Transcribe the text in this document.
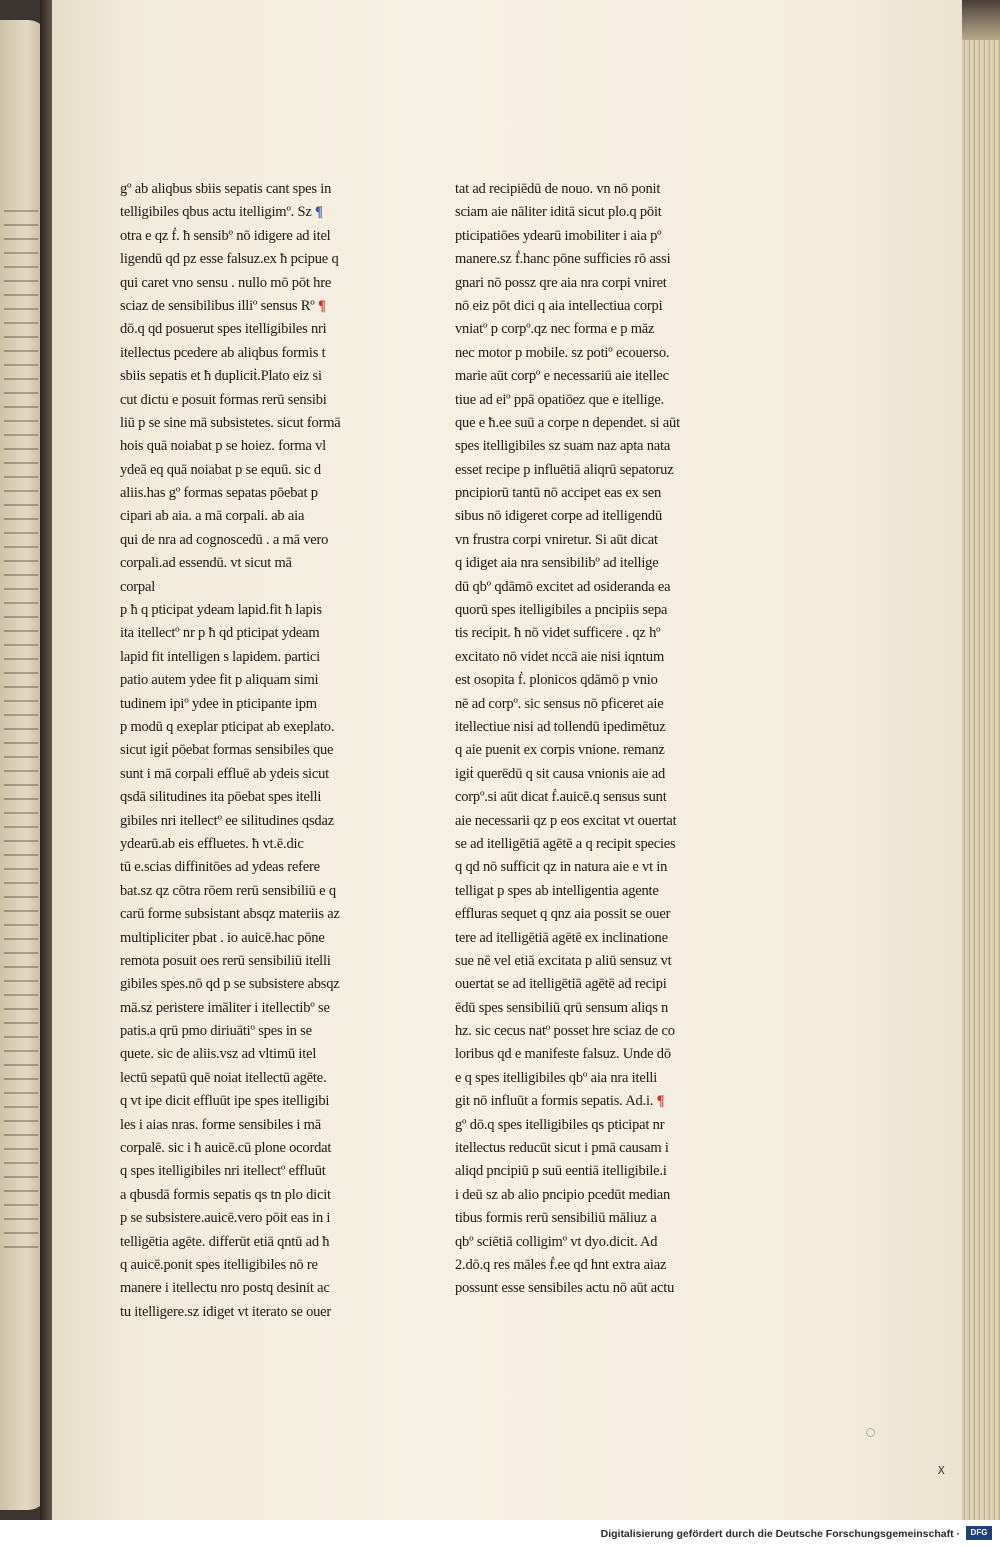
gº ab aliqbus sbiis sepatis cant spes in
telligibiles qbus actu itelligimº. Sz ¶
otra e qz ḟ. ħ sensibº nō idigere ad itel
ligendū qd pz esse falsuz.ex ħ pcipue q
qui caret vno sensu . nullo mō pōt hre
sciaz de sensibilibus illiº sensus Rº ¶
dō.q qd posuerut spes itelligibiles nri
itellectus pcedere ab aliqbus formis t
sbiis sepatis et ħ dupliciṫ.Plato eiz si
cut dictu e posuit formas rerū sensibi
liū p se sine mā subsistetes. sicut formā
hois quā noiabat p se hoiez. forma vl
ydeā eq quā noiabat p se equū. sic d
aliis.has gº formas sepatas pōebat p
cipari ab aia. a mā corpali. ab aia
qui de nra ad cognoscedū . a mā vero
corpali.ad essendū. vt sicut mā
corpal
p ħ q pticipat ydeam lapid.fit ħ lapis
ita itellectº nr p ħ qd pticipat ydeam
lapid fit intelligen s lapidem. partici
patio autem ydee fit p aliquam simi
tudinem ipiº ydee in pticipante ipm
p modū q exeplar pticipat ab exeplato.
sicut igiṫ pōebat formas sensibiles que
sunt i mā corpali effluē ab ydeis sicut
qsdā silitudines ita pōebat spes itelli
gibiles nri itellectº ee silitudines qsdaz
ydearū.ab eis effluetes. ħ vt.ē.dic
tū e.scias diffinitōes ad ydeas refere
bat.sz qz cōtra rōem rerū sensibiliū e q
carū forme subsistant absqz materiis az
multipliciter pbat . io auicē.hac pōne
remota posuit oes rerū sensibiliū itelli
gibiles spes.nō qd p se subsistere absqz
mā.sz peristere imāliter i itellectibº se
patis.a qrū pmo diriuātiº spes in se
quete. sic de aliis.vsz ad vltimū itel
lectū sepatū quē noiat itellectū agēte.
q vt ipe dicit effluūt ipe spes itelligibi
les i aias nras. forme sensibiles i mā
corpalē. sic i ħ auicē.cū plone ocordat
q spes itelligibiles nri itellectº effluūt
a qbusdā formis sepatis qs tn plo dicit
p se subsistere.auicē.vero pōit eas in i
telligētia agēte. differūt etiā qntū ad ħ
q auicē.ponit spes itelligibiles nō re
manere i itellectu nro postq desinit ac
tu itelligere.sz idiget vt iterato se ouer
tat ad recipiēdū de nouo. vn nō ponit
sciam aie nāliter iditā sicut plo.q pōit
pticipatiōes ydearū imobiliter i aia pº
manere.sz ḟ.hanc pōne sufficies rō assi
gnari nō possz qre aia nra corpi vniret
nō eiz pōt dici q aia intellectiua corpi
vniatº p corpº.qz nec forma e p māz
nec motor p mobile. sz potiº ecouerso.
marie aūt corpº e necessariū aie itellec
tiue ad eiº ppā opatiōez que e itellige.
que e ħ.ee suū a corpe n dependet. si aūt
spes itelligibiles sz suam naz apta nata
esset recipe p influētiā aliqrū sepatoruz
pncipiorū tantū nō accipet eas ex sen
sibus nō idigeret corpe ad itelligendū
vn frustra corpi vniretur. Si aūt dicat
q idiget aia nra sensibilibº ad itellige
dū qbº qdāmō excitet ad osideranda ea
quorū spes itelligibiles a pncipiis sepa
tis recipit. ħ nō videt sufficere . qz hº
excitato nō videt nccā aie nisi iqntum
est osopita ḟ. plonicos qdāmō p vnio
nē ad corpº. sic sensus nō pficeret aie
itellectiue nisi ad tollendū ipedimētuz
q aie puenit ex corpis vnione. remanz
igiṫ querēdū q sit causa vnionis aie ad
corpº.si aūt dicat ḟ.auicē.q sensus sunt
aie necessarii qz p eos excitat vt ouertat
se ad itelligētiā agētē a q recipit species
q qd nō sufficit qz in natura aie e vt in
telligat p spes ab intelligentia agente
effluras sequet q qnz aia possit se ouer
tere ad itelligētiā agētē ex inclinatione
sue nē vel etiā excitata p aliū sensuz vt
ouertat se ad itelligētiā agētē ad recipi
ēdū spes sensibiliū qrū sensum aliqs n
hz. sic cecus natº posset hre sciaz de co
loribus qd e manifeste falsuz. Unde dō
e q spes itelligibiles qbº aia nra itelli
git nō influūt a formis sepatis. Ad.i. ¶
gº dō.q spes itelligibiles qs pticipat nr
itellectus reducūt sicut i pmā causam i
aliqd pncipiū p suū eentiā itelligibile.i
i deū sz ab alio pncipio pcedūt median
tibus formis rerū sensibiliū māliuz a
qbº sciētiā colligimº vt dyo.dicit. Ad
2.dō.q res māles ḟ.ee qd hnt extra aiaz
possunt esse sensibiles actu nō aūt actu
X
Digitalisierung gefördert durch die Deutsche Forschungsgemeinschaft ·	DFG
